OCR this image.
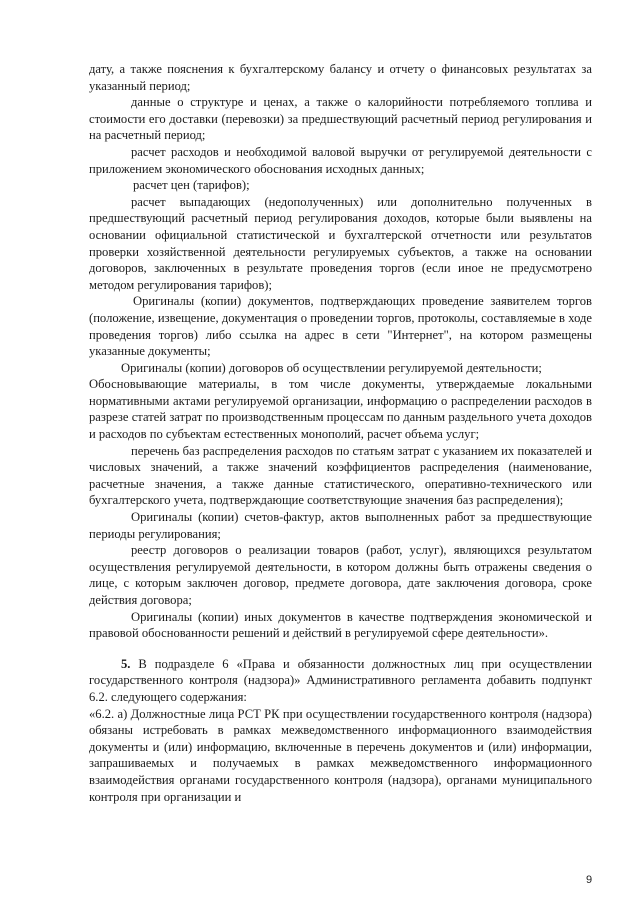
дату, а также пояснения к бухгалтерскому балансу и отчету о финансовых результатах за указанный период;

данные о структуре и ценах, а также о калорийности потребляемого топлива и стоимости его доставки (перевозки) за предшествующий расчетный период регулирования и на расчетный период;

расчет расходов и необходимой валовой выручки от регулируемой деятельности с приложением экономического обоснования исходных данных;

расчет цен (тарифов);

расчет выпадающих (недополученных) или дополнительно полученных в предшествующий расчетный период регулирования доходов, которые были выявлены на основании официальной статистической и бухгалтерской отчетности или результатов проверки хозяйственной деятельности регулируемых субъектов, а также на основании договоров, заключенных в результате проведения торгов (если иное не предусмотрено методом регулирования тарифов);

Оригиналы (копии) документов, подтверждающих проведение заявителем торгов (положение, извещение, документация о проведении торгов, протоколы, составляемые в ходе проведения торгов) либо ссылка на адрес в сети "Интернет", на котором размещены указанные документы;

Оригиналы (копии) договоров об осуществлении регулируемой деятельности;

Обосновывающие материалы, в том числе документы, утверждаемые локальными нормативными актами регулируемой организации, информацию о распределении расходов в разрезе статей затрат по производственным процессам по данным раздельного учета доходов и расходов по субъектам естественных монополий, расчет объема услуг;

перечень баз распределения расходов по статьям затрат с указанием их показателей и числовых значений, а также значений коэффициентов распределения (наименование, расчетные значения, а также данные статистического, оперативно-технического или бухгалтерского учета, подтверждающие соответствующие значения баз распределения);

Оригиналы (копии) счетов-фактур, актов выполненных работ за предшествующие периоды регулирования;

реестр договоров о реализации товаров (работ, услуг), являющихся результатом осуществления регулируемой деятельности, в котором должны быть отражены сведения о лице, с которым заключен договор, предмете договора, дате заключения договора, сроке действия договора;

Оригиналы (копии) иных документов в качестве подтверждения экономической и правовой обоснованности решений и действий в регулируемой сфере деятельности».

5. В подразделе 6 «Права и обязанности должностных лиц при осуществлении государственного контроля (надзора)» Административного регламента добавить подпункт 6.2. следующего содержания:

«6.2. а) Должностные лица РСТ РК при осуществлении государственного контроля (надзора) обязаны истребовать в рамках межведомственного информационного взаимодействия документы и (или) информацию, включенные в перечень документов и (или) информации, запрашиваемых и получаемых в рамках межведомственного информационного взаимодействия органами государственного контроля (надзора), органами муниципального контроля при организации и

9
